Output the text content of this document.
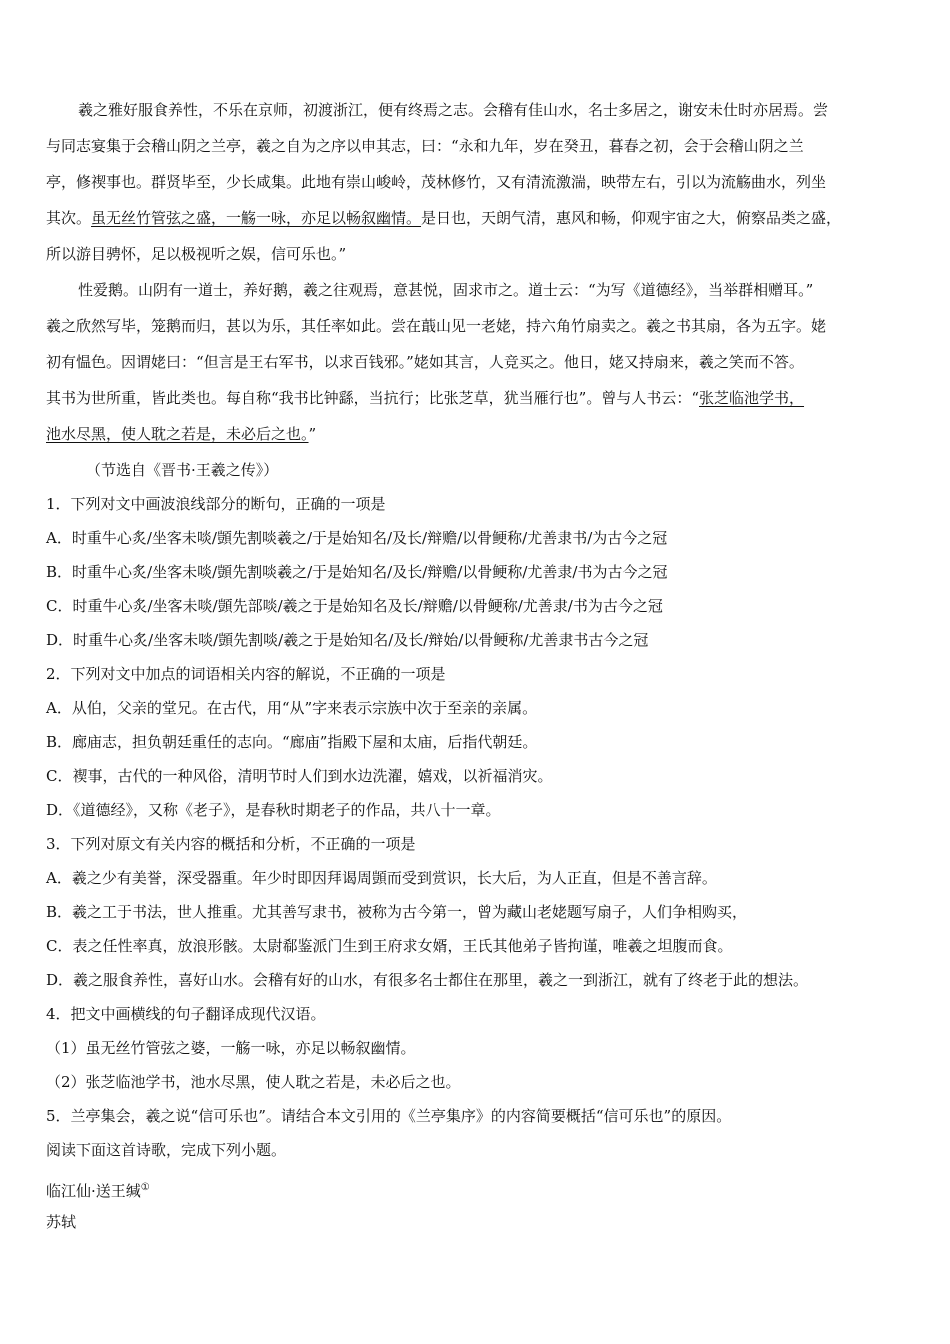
羲之雅好服食养性，不乐在京师，初渡浙江，便有终焉之志。会稽有佳山水，名士多居之，谢安未仕时亦居焉。尝
与同志宴集于会稽山阴之兰亭，羲之自为之序以申其志，曰：“永和九年，岁在癸丑，暮春之初，会于会稽山阴之兰
亭，修禊事也。群贤毕至，少长咸集。此地有崇山峻岭，茂林修竹，又有清流激湍，映带左右，引以为流觞曲水，列坐
其次。虽无丝竹管弦之盛，一觞一咏，亦足以畅叙幽情。是日也，天朗气清，惠风和畅，仰观宇宙之大，俯察品类之盛，
所以游目骋怀，足以极视听之娱，信可乐也。”
性爱鹅。山阴有一道士，养好鹅，羲之往观焉，意甚悦，固求市之。道士云：“为写《道德经》，当举群相赠耳。”
羲之欣然写毕，笼鹅而归，甚以为乐，其任率如此。尝在蕺山见一老姥，持六角竹扇卖之。羲之书其扇，各为五字。姥
初有愠色。因谓姥曰：“但言是王右军书，以求百钱邪。”姥如其言，人竞买之。他日，姥又持扇来，羲之笑而不答。
其书为世所重，皆此类也。每自称“我书比钟繇，当抗行；比张芝草，犹当雁行也”。曾与人书云：“张芝临池学书，
池水尽黑，使人耽之若是，未必后之也。”
（节选自《晋书·王羲之传》）
1．下列对文中画波浪线部分的断句，正确的一项是
A．时重牛心炙/坐客未啖/顗先割啖羲之/于是始知名/及长/辩赡/以骨鲠称/尤善隶书/为古今之冠
B．时重牛心炙/坐客未啖/顗先割啖羲之/于是始知名/及长/辩赡/以骨鲠称/尤善隶/书为古今之冠
C．时重牛心炙/坐客未啖/顗先部啖/羲之于是始知名及长/辩赡/以骨鲠称/尤善隶/书为古今之冠
D．时重牛心炙/坐客未啖/顗先割啖/羲之于是始知名/及长/辩始/以骨鲠称/尤善隶书古今之冠
2．下列对文中加点的词语相关内容的解说，不正确的一项是
A．从伯，父亲的堂兄。在古代，用“从”字来表示宗族中次于至亲的亲属。
B．廊庙志，担负朝廷重任的志向。“廊庙”指殿下屋和太庙，后指代朝廷。
C．褉事，古代的一种风俗，清明节时人们到水边洗濯，嬉戏，以祈福消灾。
D．《道德经》，又称《老子》，是春秋时期老子的作品，共八十一章。
3．下列对原文有关内容的概括和分析，不正确的一项是
A．羲之少有美誉，深受器重。年少时即因拜谒周顗而受到赏识，长大后，为人正直，但是不善言辞。
B．羲之工于书法，世人推重。尤其善写隶书，被称为古今第一，曾为藏山老姥题写扇子，人们争相购买，
C．表之任性率真，放浪形骸。太尉郗鉴派门生到王府求女婿，王氏其他弟子皆拘谨，唯羲之坦腹而食。
D．羲之服食养性，喜好山水。会稽有好的山水，有很多名士都住在那里，羲之一到浙江，就有了终老于此的想法。
4．把文中画横线的句子翻译成现代汉语。
（1）虽无丝竹管弦之婆，一觞一咏，亦足以畅叙幽情。
（2）张芝临池学书，池水尽黑，使人耽之若是，未必后之也。
5．兰亭集会，羲之说“信可乐也”。请结合本文引用的《兰亭集序》的内容简要概括“信可乐也”的原因。
阅读下面这首诗歌，完成下列小题。
临江仙·送王缄①
苏轼
